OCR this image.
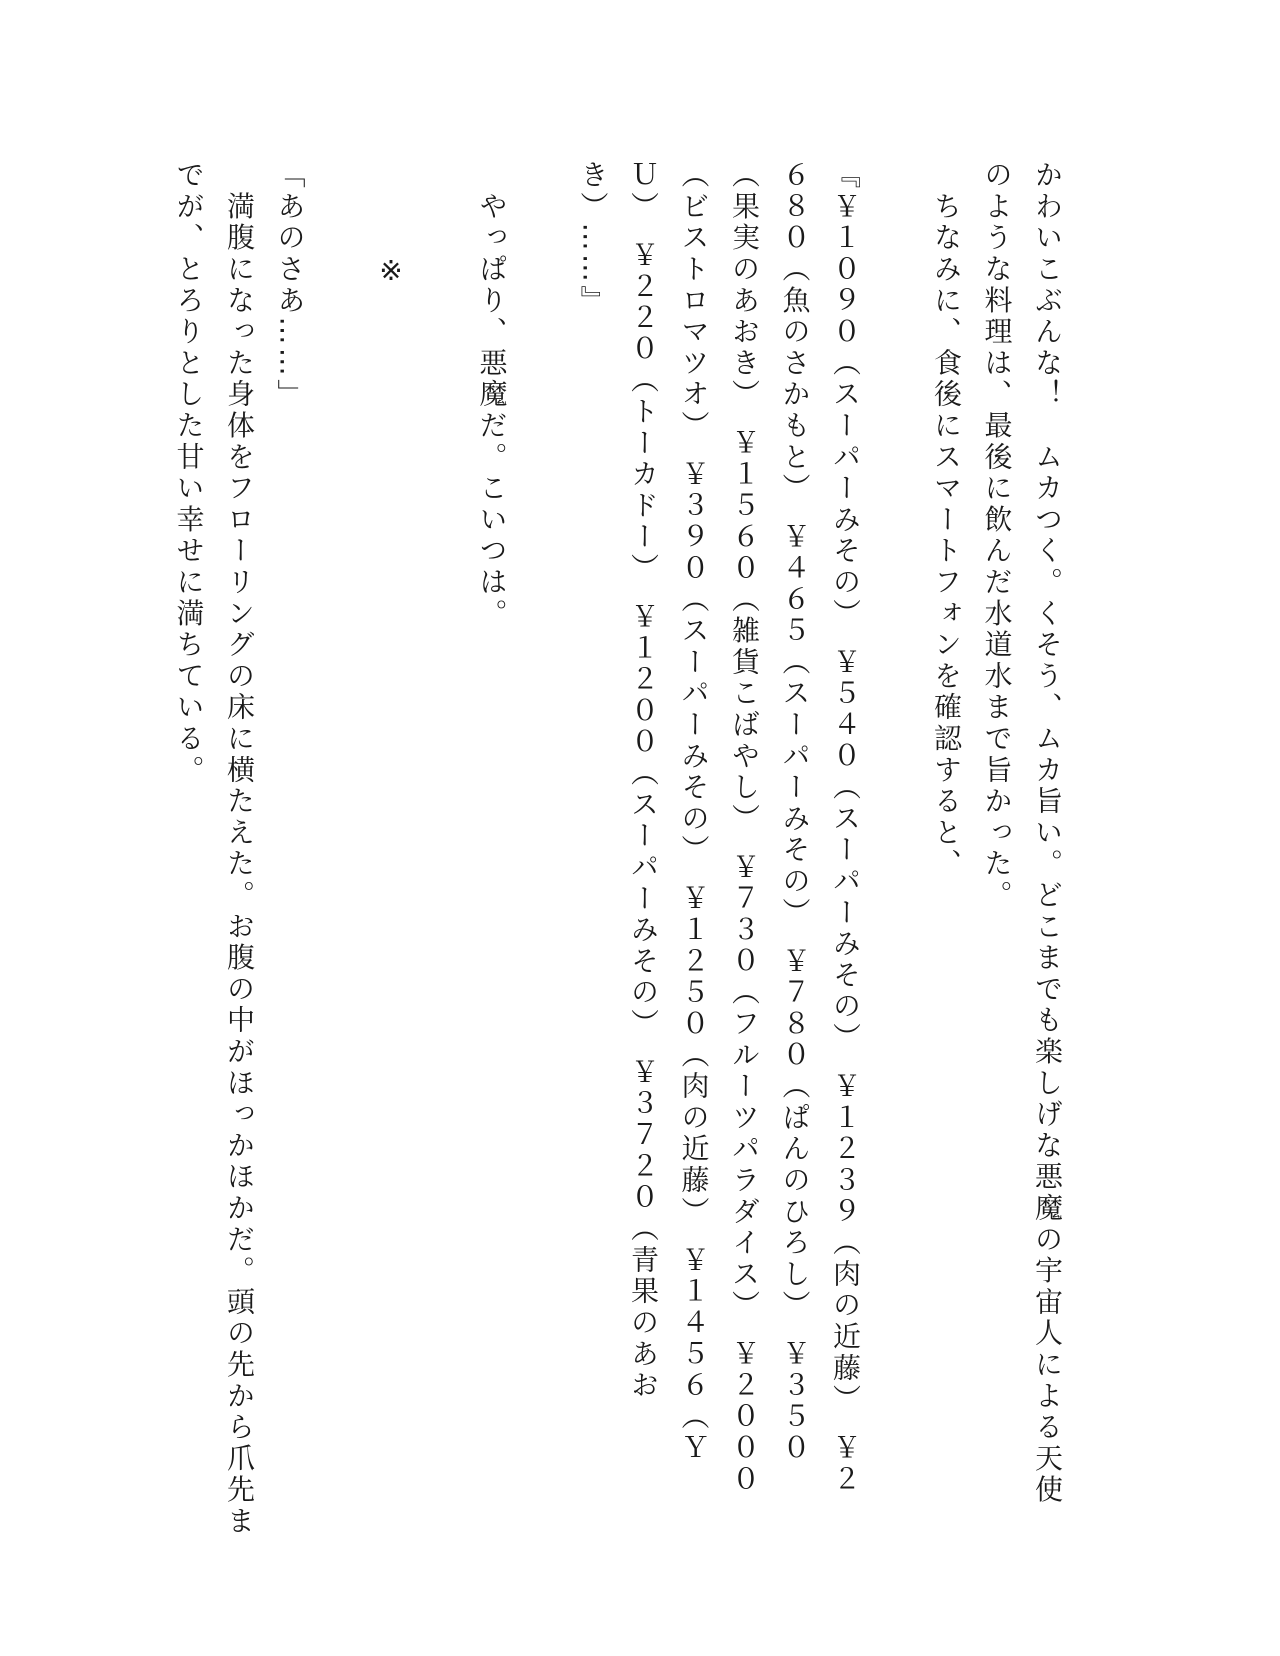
かわいこぶんな！　ムカつく。くそう、ムカ旨い。どこまでも楽しげな悪魔の宇宙人による天使
のような料理は、最後に飲んだ水道水まで旨かった。
　ちなみに、食後にスマートフォンを確認すると、
『￥１０９０（スーパーみその）　￥５４０（スーパーみその）　￥１２３９（肉の近藤）　￥２
６８０（魚のさかもと）　￥４６５（スーパーみその）　￥７８０（ぱんのひろし）　￥３５０
（果実のあおき）　￥１５６０（雑貨こばやし）　￥７３０（フルーツパラダイス）　￥２０００
（ビストロマツオ）　￥３９０（スーパーみその）　￥１２５０（肉の近藤）　￥１４５６（Ｙ
Ｕ）　￥２２０（トーカドー）　￥１２００（スーパーみその）　￥３７２０（青果のあお
き）……』
　やっぱり、悪魔だ。こいつは。
　　　※
「あのさあ……」
　満腹になった身体をフローリングの床に横たえた。お腹の中がほっかほかだ。頭の先から爪先ま
でが、とろりとした甘い幸せに満ちている。
